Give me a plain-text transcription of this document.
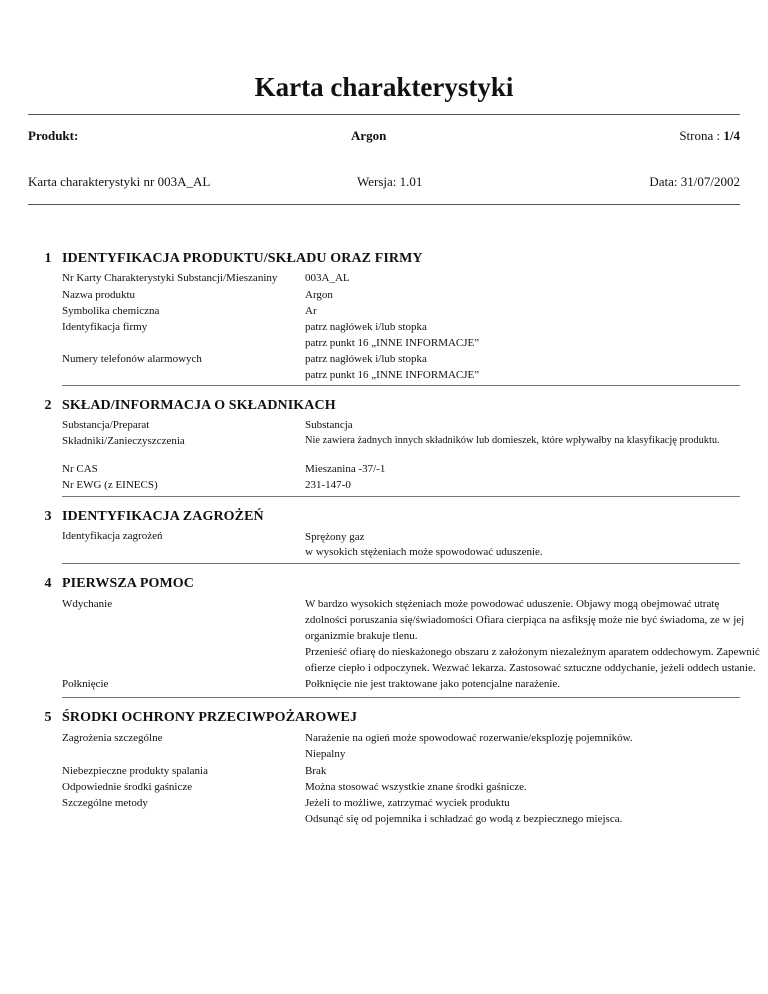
Karta charakterystyki
Produkt:	Argon	Strona : 1/4
Karta charakterystyki nr 003A_AL	Wersja: 1.01	Data: 31/07/2002
1 IDENTYFIKACJA PRODUKTU/SKŁADU ORAZ FIRMY
Nr Karty Charakterystyki Substancji/Mieszaniny	003A_AL
Nazwa produktu	Argon
Symbolika chemiczna	Ar
Identyfikacja firmy	patrz nagłówek i/lub stopka
patrz punkt 16 „INNE INFORMACJE”
Numery telefonów alarmowych	patrz nagłówek i/lub stopka
patrz punkt 16 „INNE INFORMACJE”
2 SKŁAD/INFORMACJA O SKŁADNIKACH
Substancja/Preparat	Substancja
Składniki/Zanieczyszczenia	Nie zawiera żadnych innych składników lub domieszek, które wpływałby na klasyfikację produktu.
Nr CAS	Mieszanina -37/-1
Nr EWG (z EINECS)	231-147-0
3 IDENTYFIKACJA ZAGROŻEŃ
Identyfikacja zagrożeń	Sprężony gaz
w wysokich stężeniach może spowodować uduszenie.
4 PIERWSZA POMOC
Wdychanie	W bardzo wysokich stężeniach może powodować uduszenie. Objawy mogą obejmować utratę
zdolności poruszania się/świadomości Ofiara cierpiąca na asfiksję może nie być świadoma, ze w jej
organizmie brakuje tlenu.
Przenieść ofiarę do nieskażonego obszaru z założonym niezależnym aparatem oddechowym. Zapewnić
ofierze ciepło i odpoczynek. Wezwać lekarza. Zastosować sztuczne oddychanie, jeżeli oddech ustanie.
Połknięcie	Połknięcie nie jest traktowane jako potencjalne narażenie.
5 ŚRODKI OCHRONY PRZECIWPOŻAROWEJ
Zagrożenia szczególne	Narażenie na ogień może spowodować rozerwanie/eksplozję pojemników.
Niepalny
Niebezpieczne produkty spalania	Brak
Odpowiednie środki gaśnicze	Można stosować wszystkie znane środki gaśnicze.
Szczególne metody	Jeżeli to możliwe, zatrzymać wyciek produktu
Odsunąć się od pojemnika i schładzać go wodą z bezpiecznego miejsca.
